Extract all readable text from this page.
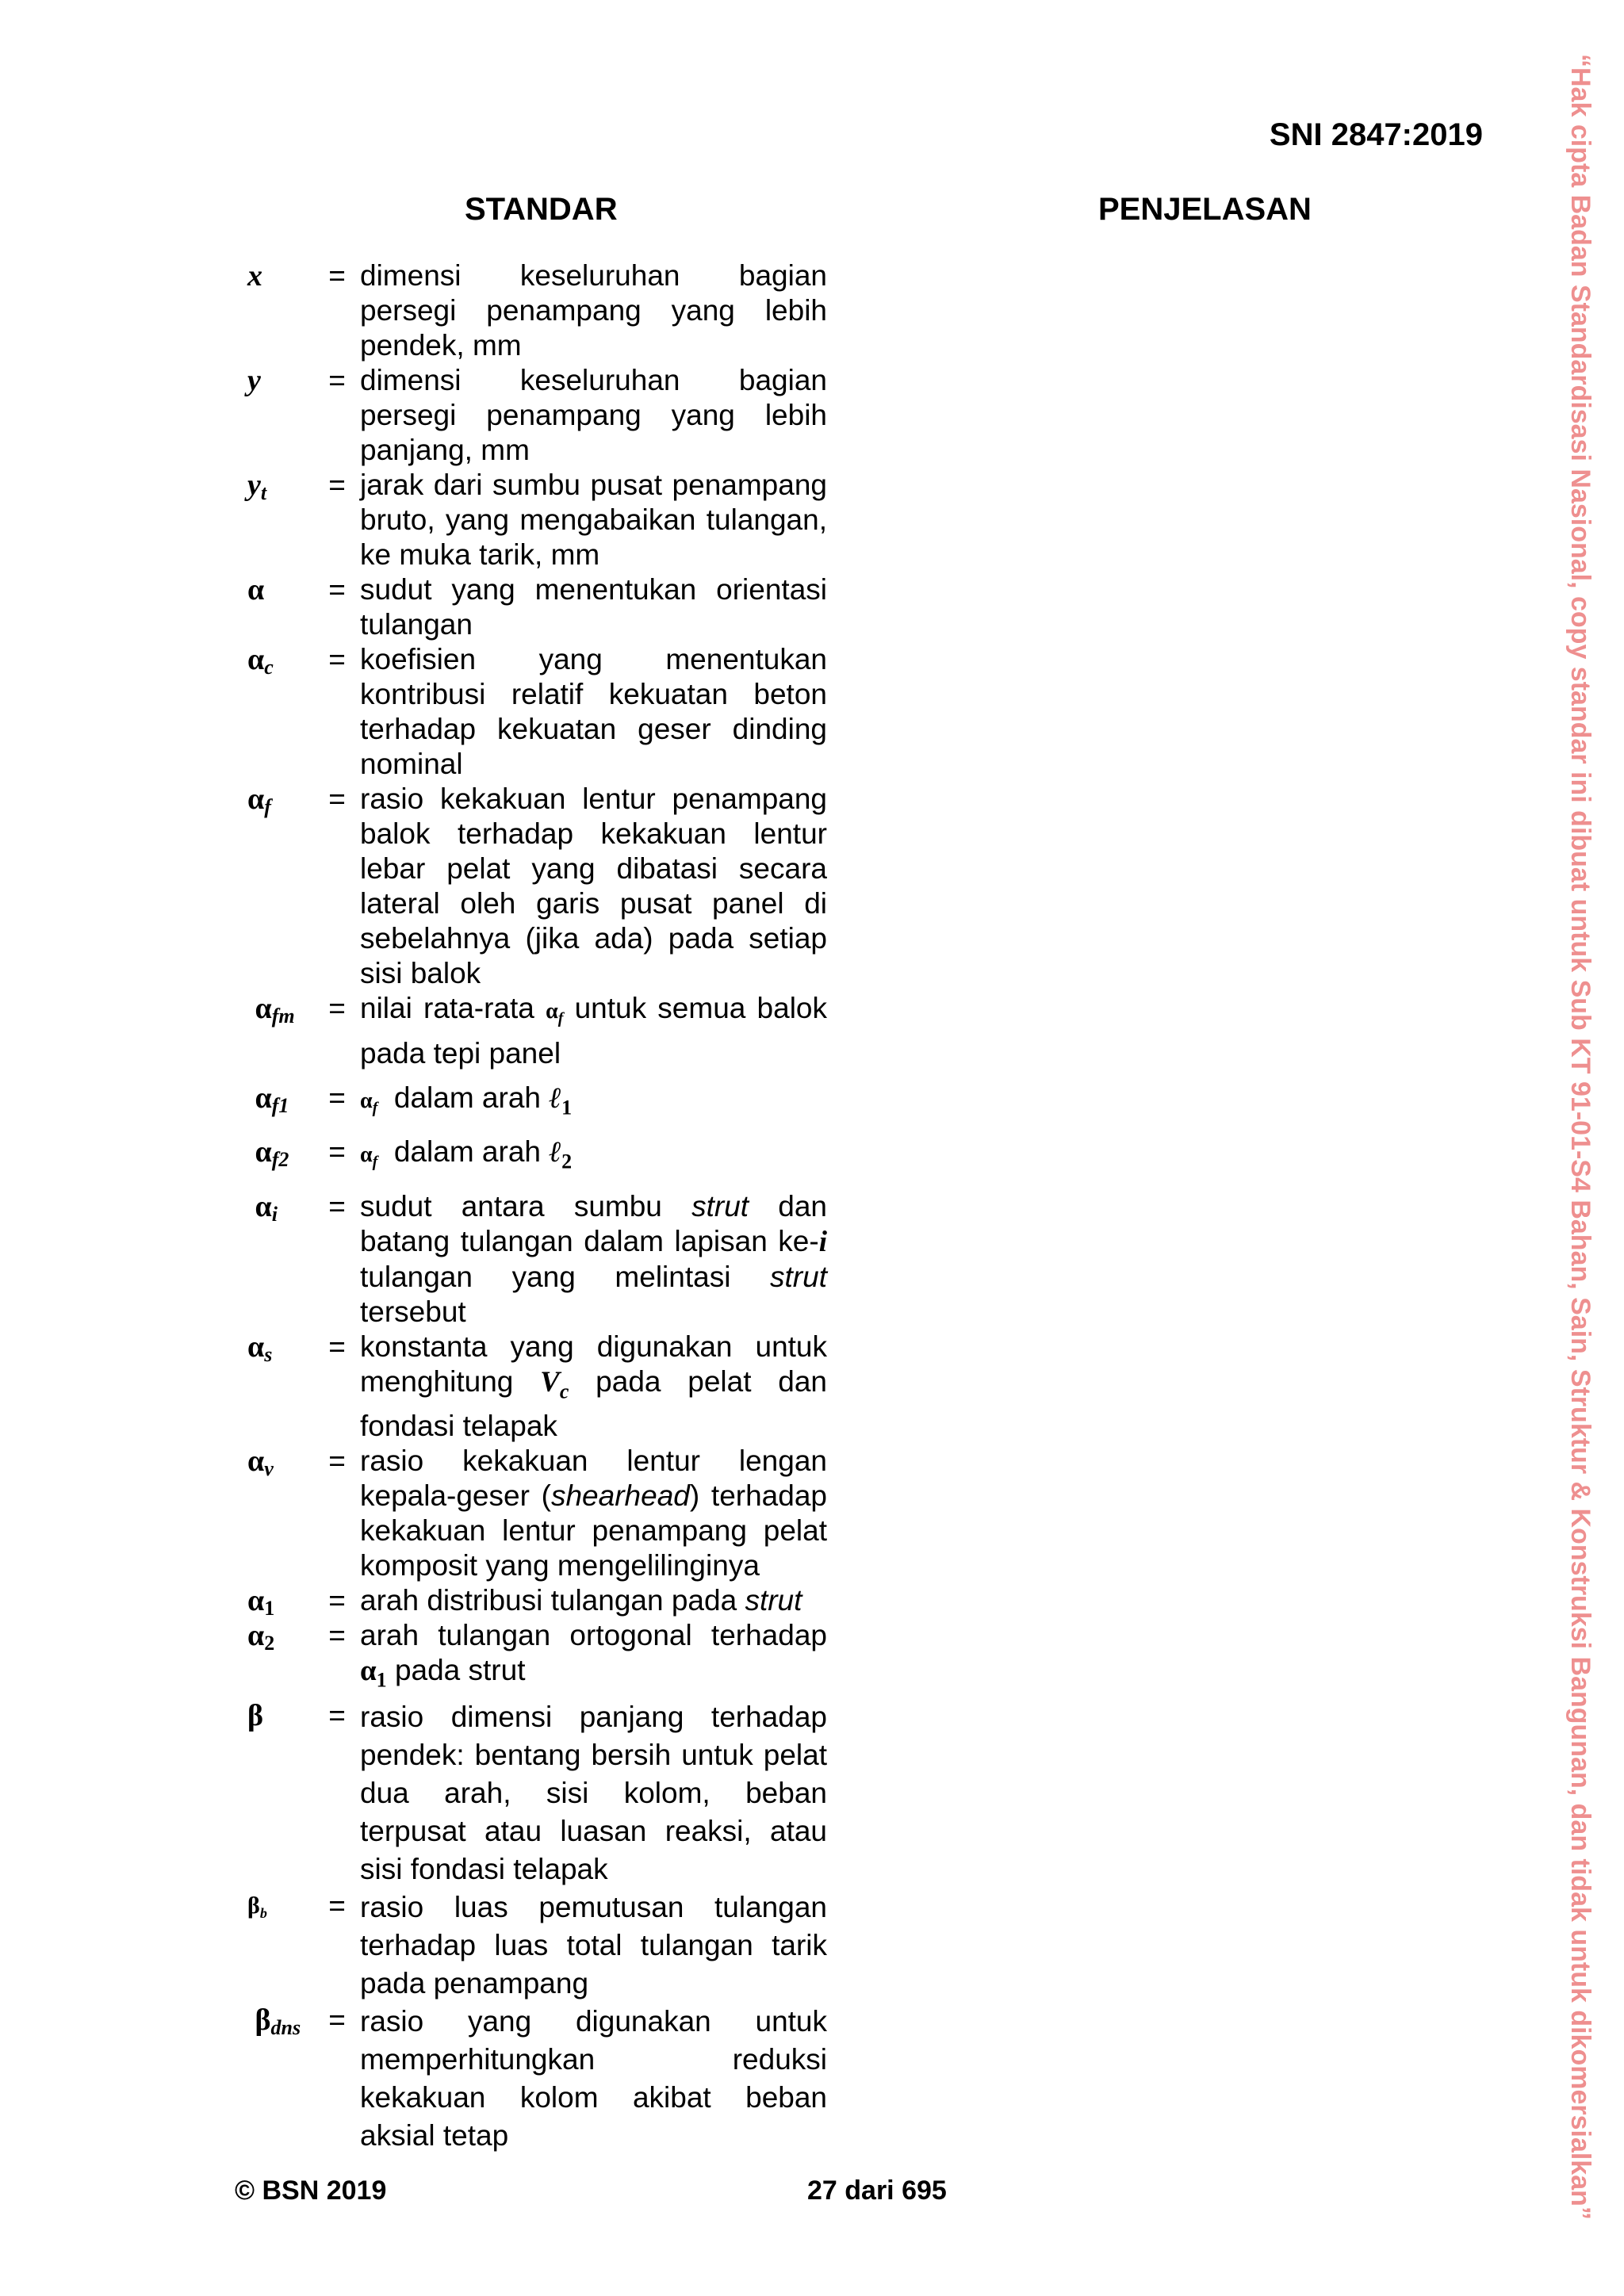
SNI 2847:2019
STANDAR	PENJELASAN
x	= dimensi keseluruhan bagian persegi penampang yang lebih pendek, mm
y	= dimensi keseluruhan bagian persegi penampang yang lebih panjang, mm
$y_t$	= jarak dari sumbu pusat penampang bruto, yang mengabaikan tulangan, ke muka tarik, mm
α	= sudut yang menentukan orientasi tulangan
$\alpha_c$	= koefisien yang menentukan kontribusi relatif kekuatan beton terhadap kekuatan geser dinding nominal
$\alpha_f$	= rasio kekakuan lentur penampang balok terhadap kekakuan lentur lebar pelat yang dibatasi secara lateral oleh garis pusat panel di sebelahnya (jika ada) pada setiap sisi balok
$\alpha_{fm}$	= nilai rata-rata $\alpha_f$ untuk semua balok pada tepi panel
$\alpha_{f1}$	= $\alpha_f$ dalam arah ℓ$_1$
$\alpha_{f2}$	= $\alpha_f$ dalam arah ℓ$_2$
$\alpha_i$	= sudut antara sumbu strut dan batang tulangan dalam lapisan ke-i tulangan yang melintasi strut tersebut
$\alpha_s$	= konstanta yang digunakan untuk menghitung $V_c$ pada pelat dan fondasi telapak
$\alpha_v$	= rasio kekakuan lentur lengan kepala-geser (shearhead) terhadap kekakuan lentur penampang pelat komposit yang mengelilinginya
$\alpha_1$	= arah distribusi tulangan pada strut
$\alpha_2$	= arah tulangan ortogonal terhadap $\alpha_1$ pada strut
β	= rasio dimensi panjang terhadap pendek: bentang bersih untuk pelat dua arah, sisi kolom, beban terpusat atau luasan reaksi, atau sisi fondasi telapak
$\beta_b$	= rasio luas pemutusan tulangan terhadap luas total tulangan tarik pada penampang
$\beta_{dns}$ = rasio yang digunakan untuk memperhitungkan reduksi kekakuan kolom akibat beban aksial tetap
© BSN 2019	27 dari 695	“Hak cipta Badan Standardisasi Nasional, copy standar ini dibuat untuk Sub KT 91-01-S4 Bahan, Sain, Struktur & Konstruksi Bangunan, dan tidak untuk dikomersialkan”
